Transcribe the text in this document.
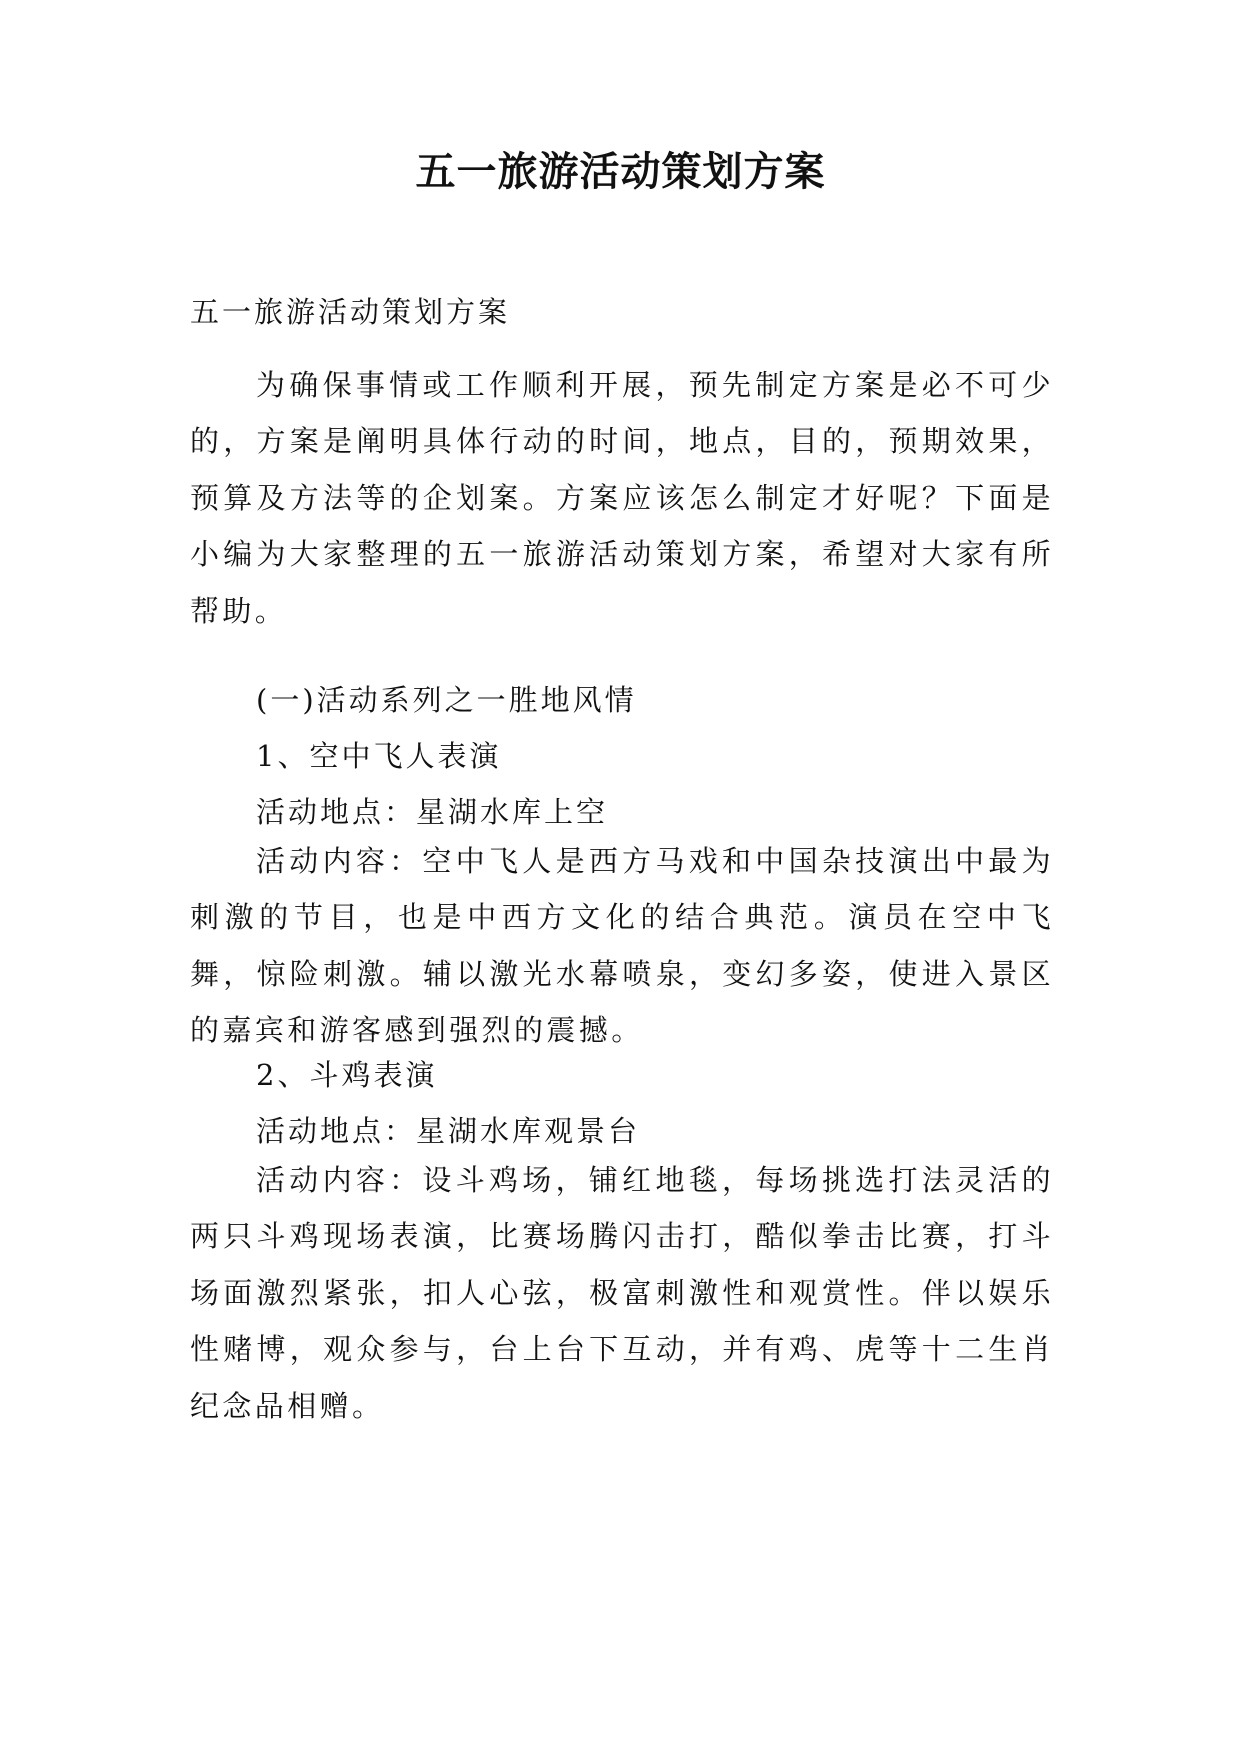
五一旅游活动策划方案
五一旅游活动策划方案

为确保事情或工作顺利开展，预先制定方案是必不可少的，方案是阐明具体行动的时间，地点，目的，预期效果，预算及方法等的企划案。方案应该怎么制定才好呢？下面是小编为大家整理的五一旅游活动策划方案，希望对大家有所帮助。

(一)活动系列之一胜地风情
1、空中飞人表演
活动地点：星湖水库上空

活动内容：空中飞人是西方马戏和中国杂技演出中最为刺激的节目，也是中西方文化的结合典范。演员在空中飞舞，惊险刺激。辅以激光水幕喷泉，变幻多姿，使进入景区的嘉宾和游客感到强烈的震撼。

2、斗鸡表演
活动地点：星湖水库观景台

活动内容：设斗鸡场，铺红地毯，每场挑选打法灵活的两只斗鸡现场表演，比赛场腾闪击打，酷似拳击比赛，打斗场面激烈紧张，扣人心弦，极富刺激性和观赏性。伴以娱乐性赌博，观众参与，台上台下互动，并有鸡、虎等十二生肖纪念品相赠。
